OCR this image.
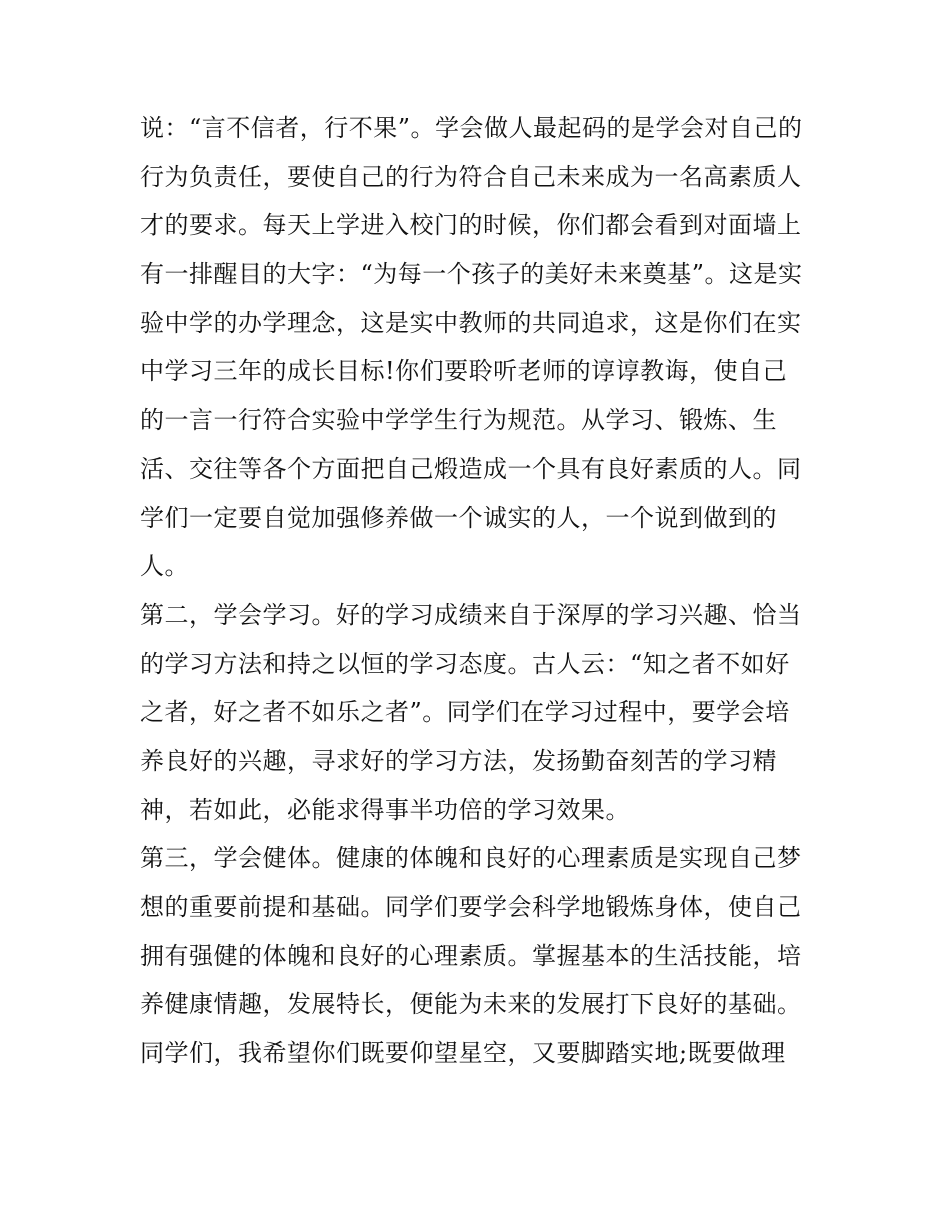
说：“言不信者，行不果”。学会做人最起码的是学会对自己的
行为负责任，要使自己的行为符合自己未来成为一名高素质人
才的要求。每天上学进入校门的时候，你们都会看到对面墙上
有一排醒目的大字：“为每一个孩子的美好未来奠基”。这是实
验中学的办学理念，这是实中教师的共同追求，这是你们在实
中学习三年的成长目标!你们要聆听老师的谆谆教诲，使自己
的一言一行符合实验中学学生行为规范。从学习、锻炼、生
活、交往等各个方面把自己煅造成一个具有良好素质的人。同
学们一定要自觉加强修养做一个诚实的人，一个说到做到的
人。
第二，学会学习。好的学习成绩来自于深厚的学习兴趣、恰当
的学习方法和持之以恒的学习态度。古人云：“知之者不如好
之者，好之者不如乐之者”。同学们在学习过程中，要学会培
养良好的兴趣，寻求好的学习方法，发扬勤奋刻苦的学习精
神，若如此，必能求得事半功倍的学习效果。
第三，学会健体。健康的体魄和良好的心理素质是实现自己梦
想的重要前提和基础。同学们要学会科学地锻炼身体，使自己
拥有强健的体魄和良好的心理素质。掌握基本的生活技能，培
养健康情趣，发展特长，便能为未来的发展打下良好的基础。
同学们，我希望你们既要仰望星空，又要脚踏实地;既要做理
